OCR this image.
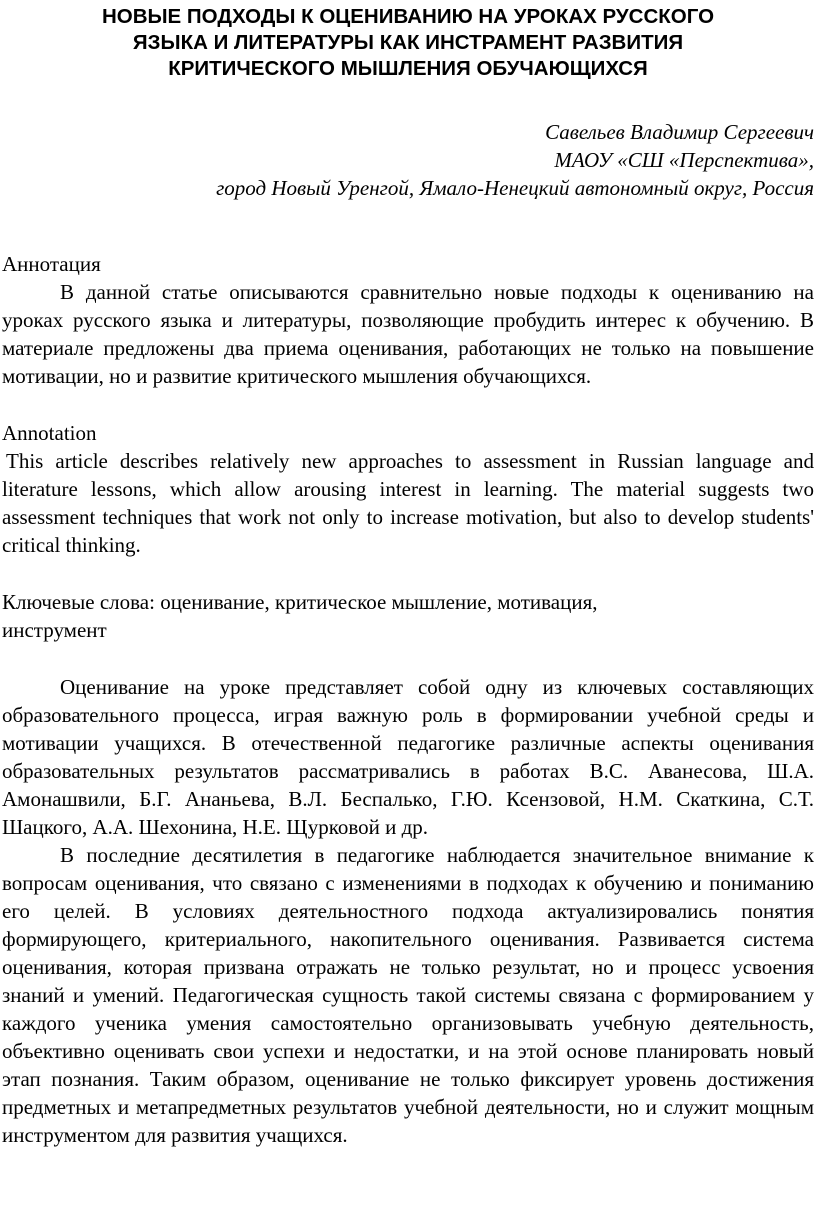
НОВЫЕ ПОДХОДЫ К ОЦЕНИВАНИЮ НА УРОКАХ РУССКОГО
ЯЗЫКА И ЛИТЕРАТУРЫ КАК ИНСТРАМЕНТ РАЗВИТИЯ
КРИТИЧЕСКОГО МЫШЛЕНИЯ ОБУЧАЮЩИХСЯ
Савельев Владимир Сергеевич
МАОУ «СШ «Перспектива»,
город Новый Уренгой, Ямало-Ненецкий автономный округ, Россия

Аннотация

В данной статье описываются сравнительно новые подходы к оцениванию на уроках русского языка и литературы, позволяющие пробудить интерес к обучению. В материале предложены два приема оценивания, работающих не только на повышение мотивации, но и развитие критического мышления обучающихся.

Annotation

This article describes relatively new approaches to assessment in Russian language and literature lessons, which allow arousing interest in learning. The material suggests two assessment techniques that work not only to increase motivation, but also to develop students' critical thinking.

Ключевые слова: оценивание, критическое мышление, мотивация,
инструмент

Оценивание на уроке представляет собой одну из ключевых составляющих образовательного процесса, играя важную роль в формировании учебной среды и мотивации учащихся. В отечественной педагогике различные аспекты оценивания образовательных результатов рассматривались в работах В.С. Аванесова, Ш.А. Амонашвили, Б.Г. Ананьева, В.Л. Беспалько, Г.Ю. Ксензовой, Н.М. Скаткина, С.Т. Шацкого, А.А. Шехонина, Н.Е. Щурковой и др.

В последние десятилетия в педагогике наблюдается значительное внимание к вопросам оценивания, что связано с изменениями в подходах к обучению и пониманию его целей. В условиях деятельностного подхода актуализировались понятия формирующего, критериального, накопительного оценивания. Развивается система оценивания, которая призвана отражать не только результат, но и процесс усвоения знаний и умений. Педагогическая сущность такой системы связана с формированием у каждого ученика умения самостоятельно организовывать учебную деятельность, объективно оценивать свои успехи и недостатки, и на этой основе планировать новый этап познания. Таким образом, оценивание не только фиксирует уровень достижения предметных и метапредметных результатов учебной деятельности, но и служит мощным инструментом для развития учащихся.
